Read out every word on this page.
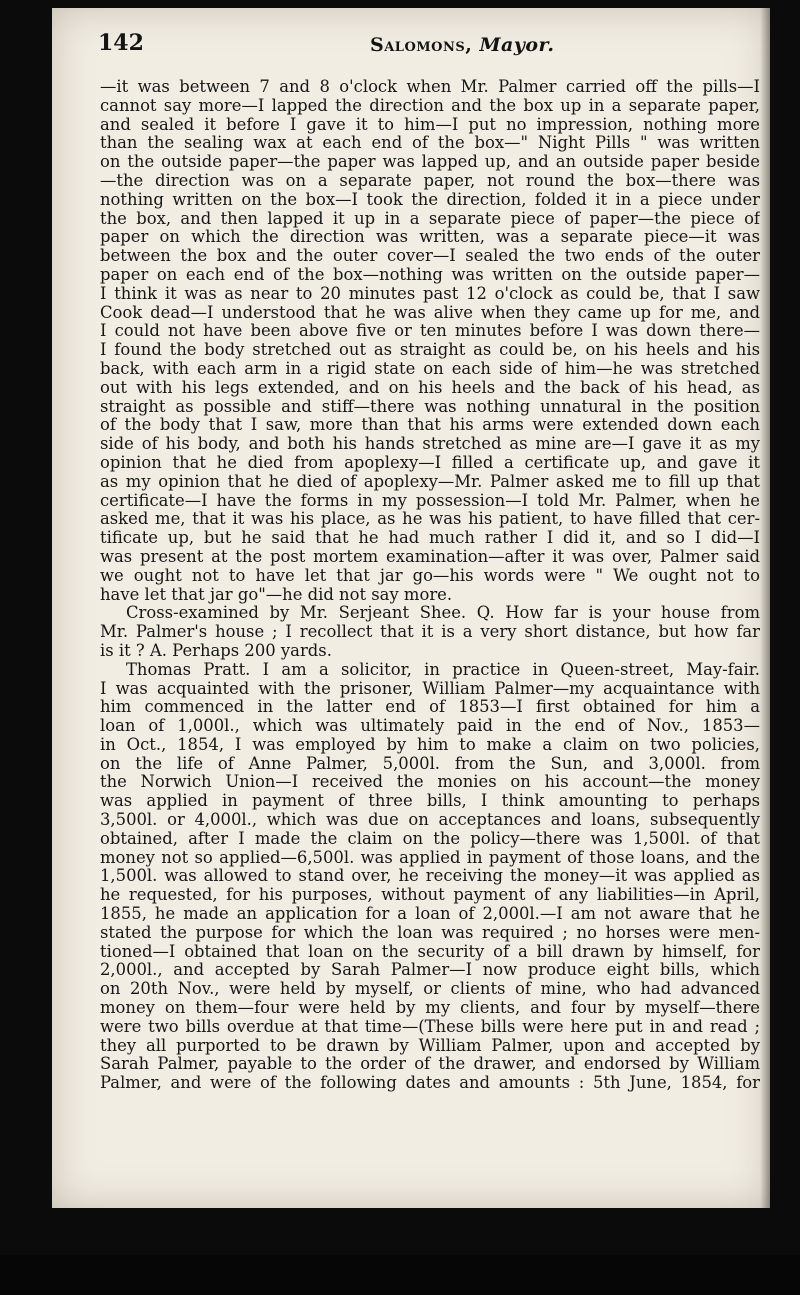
142	Salomons, Mayor.
—it was between 7 and 8 o'clock when Mr. Palmer carried off the pills—I
cannot say more—I lapped the direction and the box up in a separate paper,
and sealed it before I gave it to him—I put no impression, nothing more
than the sealing wax at each end of the box—" Night Pills " was written
on the outside paper—the paper was lapped up, and an outside paper beside
—the direction was on a separate paper, not round the box—there was
nothing written on the box—I took the direction, folded it in a piece under
the box, and then lapped it up in a separate piece of paper—the piece of
paper on which the direction was written, was a separate piece—it was
between the box and the outer cover—I sealed the two ends of the outer
paper on each end of the box—nothing was written on the outside paper—
I think it was as near to 20 minutes past 12 o'clock as could be, that I saw
Cook dead—I understood that he was alive when they came up for me, and
I could not have been above five or ten minutes before I was down there—
I found the body stretched out as straight as could be, on his heels and his
back, with each arm in a rigid state on each side of him—he was stretched
out with his legs extended, and on his heels and the back of his head, as
straight as possible and stiff—there was nothing unnatural in the position
of the body that I saw, more than that his arms were extended down each
side of his body, and both his hands stretched as mine are—I gave it as my
opinion that he died from apoplexy—I filled a certificate up, and gave it
as my opinion that he died of apoplexy—Mr. Palmer asked me to fill up that
certificate—I have the forms in my possession—I told Mr. Palmer, when he
asked me, that it was his place, as he was his patient, to have filled that cer-
tificate up, but he said that he had much rather I did it, and so I did—I
was present at the post mortem examination—after it was over, Palmer said
we ought not to have let that jar go—his words were " We ought not to
have let that jar go"—he did not say more.
Cross-examined by Mr. Serjeant Shee. Q. How far is your house from
Mr. Palmer's house ; I recollect that it is a very short distance, but how far
is it ? A. Perhaps 200 yards.
Thomas Pratt. I am a solicitor, in practice in Queen-street, May-fair.
I was acquainted with the prisoner, William Palmer—my acquaintance with
him commenced in the latter end of 1853—I first obtained for him a
loan of 1,000l., which was ultimately paid in the end of Nov., 1853—
in Oct., 1854, I was employed by him to make a claim on two policies,
on the life of Anne Palmer, 5,000l. from the Sun, and 3,000l. from
the Norwich Union—I received the monies on his account—the money
was applied in payment of three bills, I think amounting to perhaps
3,500l. or 4,000l., which was due on acceptances and loans, subsequently
obtained, after I made the claim on the policy—there was 1,500l. of that
money not so applied—6,500l. was applied in payment of those loans, and the
1,500l. was allowed to stand over, he receiving the money—it was applied as
he requested, for his purposes, without payment of any liabilities—in April,
1855, he made an application for a loan of 2,000l.—I am not aware that he
stated the purpose for which the loan was required ; no horses were men-
tioned—I obtained that loan on the security of a bill drawn by himself, for
2,000l., and accepted by Sarah Palmer—I now produce eight bills, which
on 20th Nov., were held by myself, or clients of mine, who had advanced
money on them—four were held by my clients, and four by myself—there
were two bills overdue at that time—(These bills were here put in and read ;
they all purported to be drawn by William Palmer, upon and accepted by
Sarah Palmer, payable to the order of the drawer, and endorsed by William
Palmer, and were of the following dates and amounts : 5th June, 1854, for
